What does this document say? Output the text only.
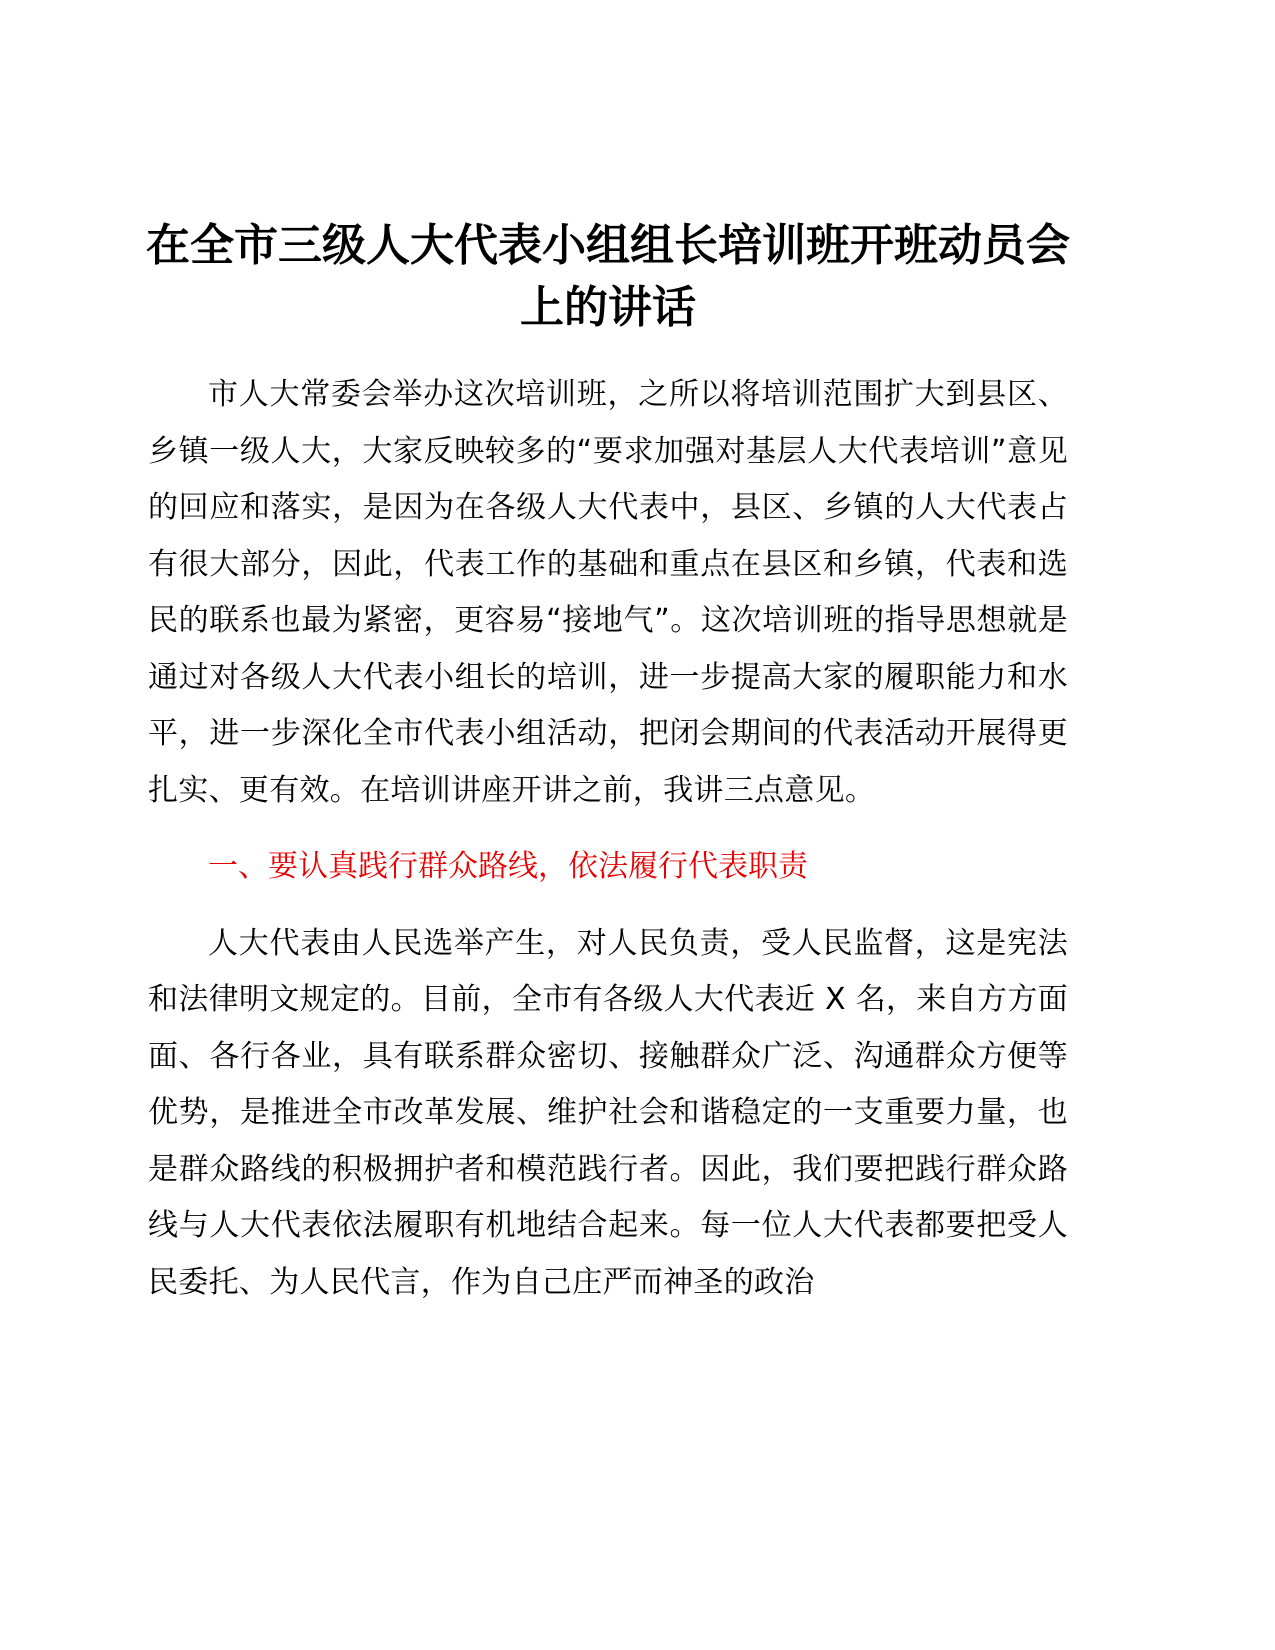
在全市三级人大代表小组组长培训班开班动员会上的讲话

市人大常委会举办这次培训班，之所以将培训范围扩大到县区、乡镇一级人大，大家反映较多的“要求加强对基层人大代表培训”意见的回应和落实，是因为在各级人大代表中，县区、乡镇的人大代表占有很大部分，因此，代表工作的基础和重点在县区和乡镇，代表和选民的联系也最为紧密，更容易“接地气”。这次培训班的指导思想就是通过对各级人大代表小组长的培训，进一步提高大家的履职能力和水平，进一步深化全市代表小组活动，把闭会期间的代表活动开展得更扎实、更有效。在培训讲座开讲之前，我讲三点意见。

一、要认真践行群众路线，依法履行代表职责

人大代表由人民选举产生，对人民负责，受人民监督，这是宪法和法律明文规定的。目前，全市有各级人大代表近 X 名，来自方方面面、各行各业，具有联系群众密切、接触群众广泛、沟通群众方便等优势，是推进全市改革发展、维护社会和谐稳定的一支重要力量，也是群众路线的积极拥护者和模范践行者。因此，我们要把践行群众路线与人大代表依法履职有机地结合起来。每一位人大代表都要把受人民委托、为人民代言，作为自己庄严而神圣的政治
